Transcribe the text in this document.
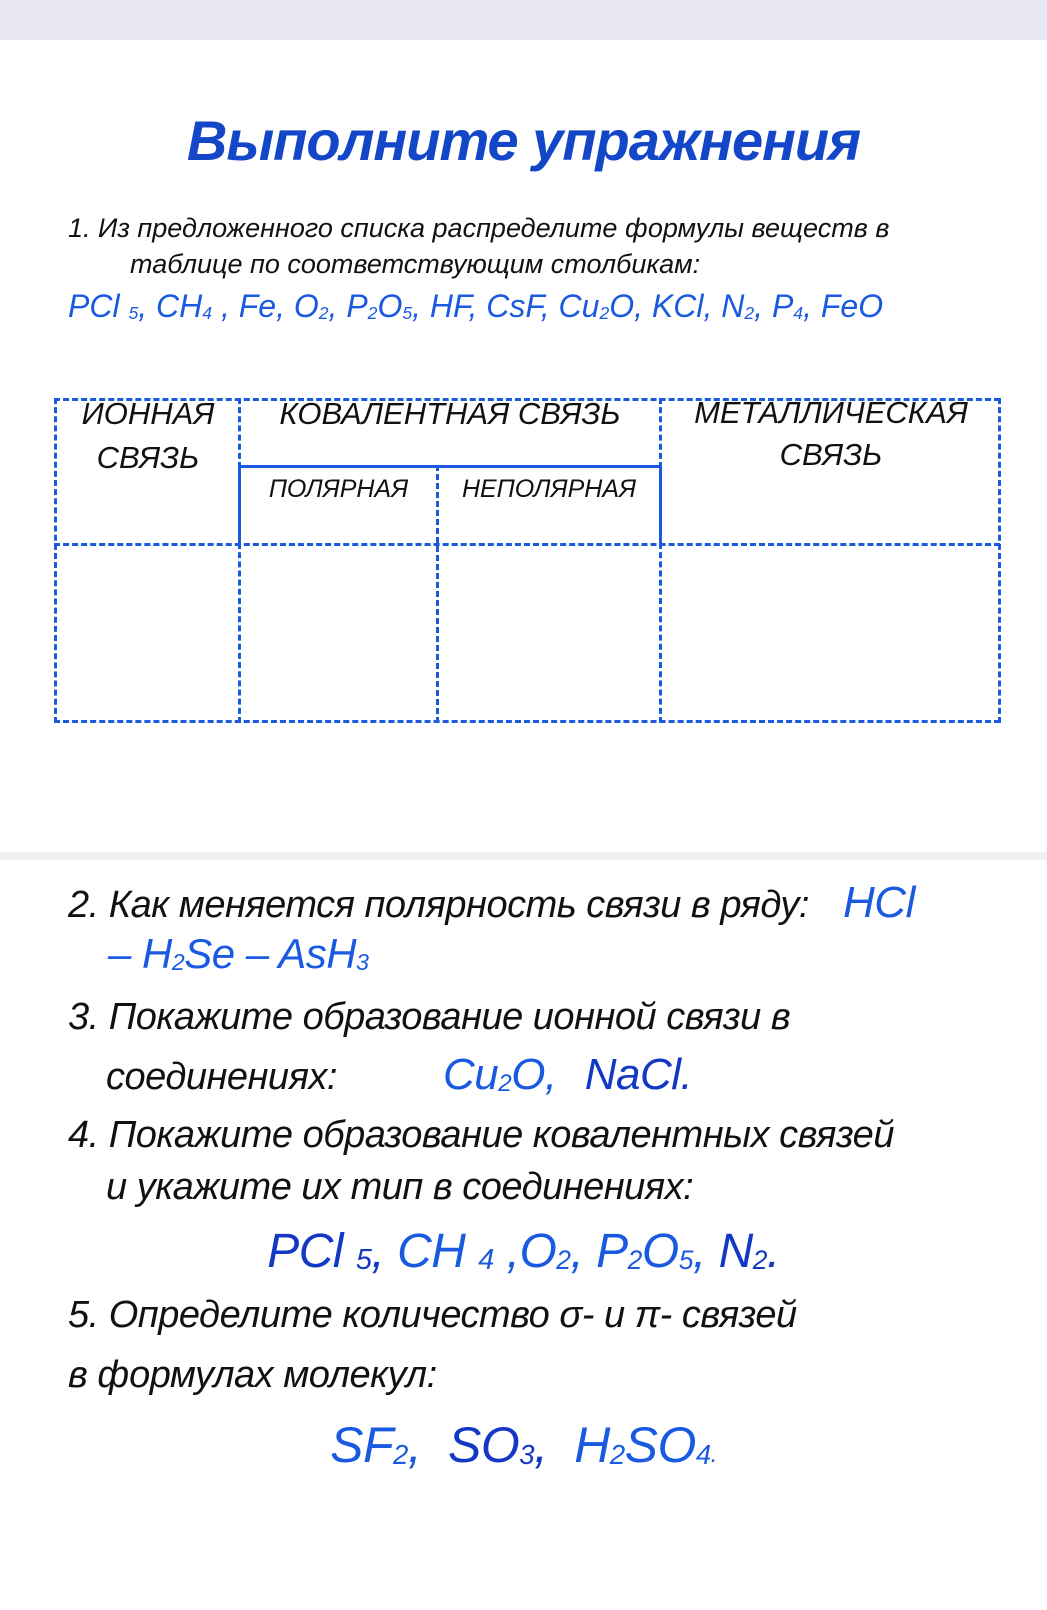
Выполните упражнения
1. Из предложенного списка распределите формулы веществ в
таблице по соответствующим столбикам:
PCl $_5$, $CH_4$ , Fe, $O_2$, $P_2O_5$, HF, CsF, $Cu_2O$, KCl, $N_2$, $P_4$, FeO
ИОННАЯ
СВЯЗЬ
КОВАЛЕНТНАЯ СВЯЗЬ
ПОЛЯРНАЯ	НЕПОЛЯРНАЯ
МЕТАЛЛИЧЕСКАЯ
СВЯЗЬ
2. Как меняется полярность связи в ряду: HCl
– $H_2Se - AsH_3$
3. Покажите образование ионной связи в
соединениях: $Cu_2O$, NaCl.
4. Покажите образование ковалентных связей
и укажите их тип в соединениях:
PCl $_5$, CH $_4$ $,O_2$, $P_2O_5$, $N_2$.
5. Определите количество σ- и π- связей
в формулах молекул:
$SF_2$, $SO_3$, $H_2SO_4$.
